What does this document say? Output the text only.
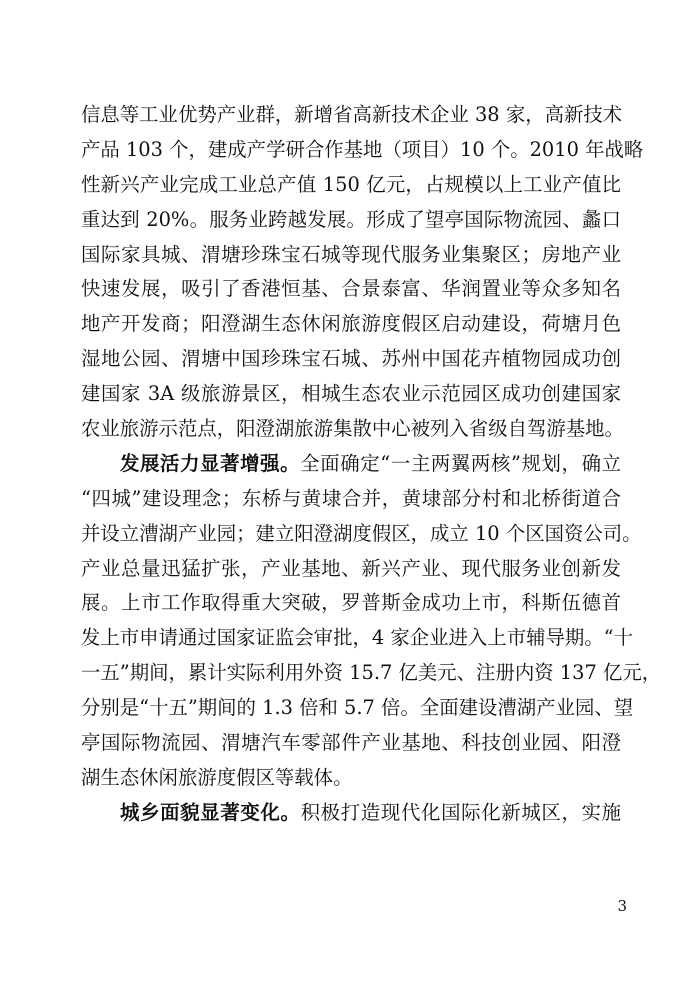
信息等工业优势产业群，新增省高新技术企业 38 家，高新技术
产品 103 个，建成产学研合作基地（项目）10 个。2010 年战略
性新兴产业完成工业总产值 150 亿元，占规模以上工业产值比
重达到 20%。服务业跨越发展。形成了望亭国际物流园、蠡口
国际家具城、渭塘珍珠宝石城等现代服务业集聚区；房地产业
快速发展，吸引了香港恒基、合景泰富、华润置业等众多知名
地产开发商；阳澄湖生态休闲旅游度假区启动建设，荷塘月色
湿地公园、渭塘中国珍珠宝石城、苏州中国花卉植物园成功创
建国家 3A 级旅游景区，相城生态农业示范园区成功创建国家
农业旅游示范点，阳澄湖旅游集散中心被列入省级自驾游基地。
发展活力显著增强。全面确定“一主两翼两核”规划，确立
“四城”建设理念；东桥与黄埭合并，黄埭部分村和北桥街道合
并设立漕湖产业园；建立阳澄湖度假区，成立 10 个区国资公司。
产业总量迅猛扩张，产业基地、新兴产业、现代服务业创新发
展。上市工作取得重大突破，罗普斯金成功上市，科斯伍德首
发上市申请通过国家证监会审批，4 家企业进入上市辅导期。“十
一五”期间，累计实际利用外资 15.7 亿美元、注册内资 137 亿元，
分别是“十五”期间的 1.3 倍和 5.7 倍。全面建设漕湖产业园、望
亭国际物流园、渭塘汽车零部件产业基地、科技创业园、阳澄
湖生态休闲旅游度假区等载体。
城乡面貌显著变化。积极打造现代化国际化新城区，实施
3
